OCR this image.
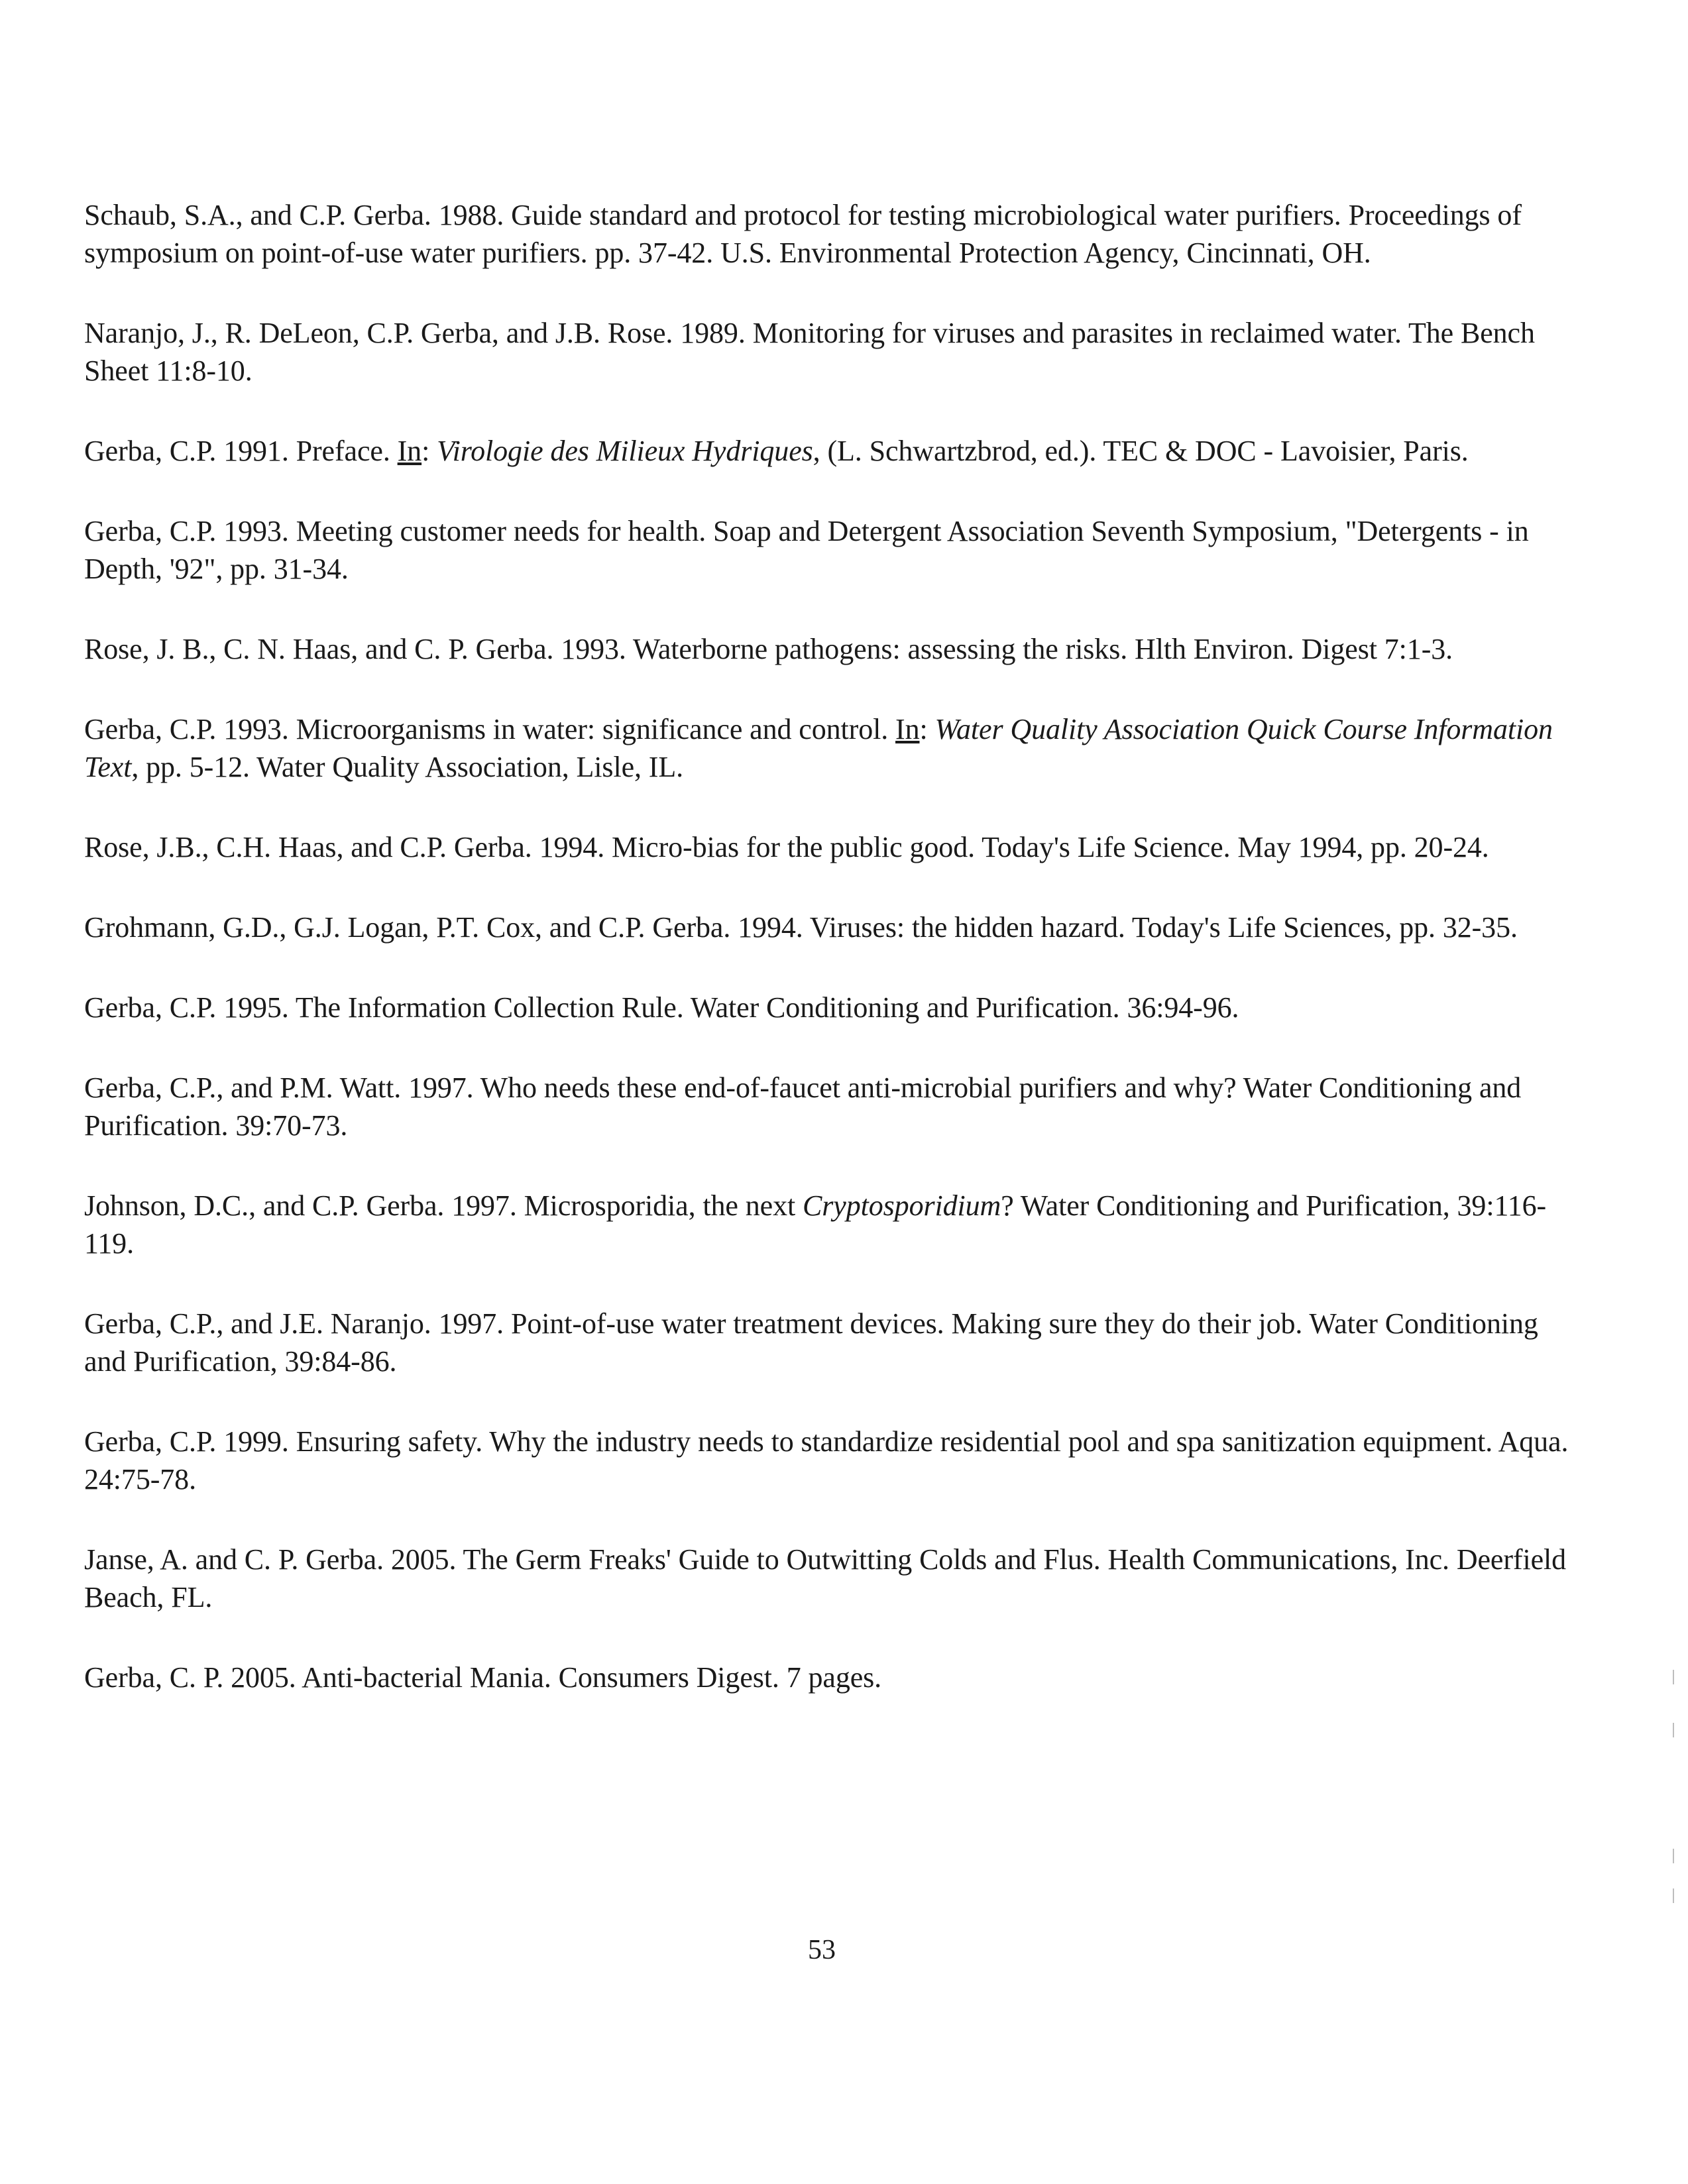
Schaub, S.A., and C.P. Gerba. 1988. Guide standard and protocol for testing microbiological water purifiers. Proceedings of symposium on point-of-use water purifiers. pp. 37-42. U.S. Environmental Protection Agency, Cincinnati, OH.
Naranjo, J., R. DeLeon, C.P. Gerba, and J.B. Rose. 1989. Monitoring for viruses and parasites in reclaimed water. The Bench Sheet 11:8-10.
Gerba, C.P. 1991. Preface. In: Virologie des Milieux Hydriques, (L. Schwartzbrod, ed.). TEC & DOC - Lavoisier, Paris.
Gerba, C.P. 1993. Meeting customer needs for health. Soap and Detergent Association Seventh Symposium, "Detergents - in Depth, '92", pp. 31-34.
Rose, J. B., C. N. Haas, and C. P. Gerba. 1993. Waterborne pathogens: assessing the risks. Hlth Environ. Digest 7:1-3.
Gerba, C.P. 1993. Microorganisms in water: significance and control. In: Water Quality Association Quick Course Information Text, pp. 5-12. Water Quality Association, Lisle, IL.
Rose, J.B., C.H. Haas, and C.P. Gerba. 1994. Micro-bias for the public good. Today's Life Science. May 1994, pp. 20-24.
Grohmann, G.D., G.J. Logan, P.T. Cox, and C.P. Gerba. 1994. Viruses: the hidden hazard. Today's Life Sciences, pp. 32-35.
Gerba, C.P. 1995. The Information Collection Rule. Water Conditioning and Purification. 36:94-96.
Gerba, C.P., and P.M. Watt. 1997. Who needs these end-of-faucet anti-microbial purifiers and why? Water Conditioning and Purification. 39:70-73.
Johnson, D.C., and C.P. Gerba. 1997. Microsporidia, the next Cryptosporidium? Water Conditioning and Purification, 39:116-119.
Gerba, C.P., and J.E. Naranjo. 1997. Point-of-use water treatment devices. Making sure they do their job. Water Conditioning and Purification, 39:84-86.
Gerba, C.P. 1999. Ensuring safety. Why the industry needs to standardize residential pool and spa sanitization equipment. Aqua. 24:75-78.
Janse, A. and C. P. Gerba. 2005. The Germ Freaks' Guide to Outwitting Colds and Flus. Health Communications, Inc. Deerfield Beach, FL.
Gerba, C. P. 2005. Anti-bacterial Mania. Consumers Digest. 7 pages.
53
